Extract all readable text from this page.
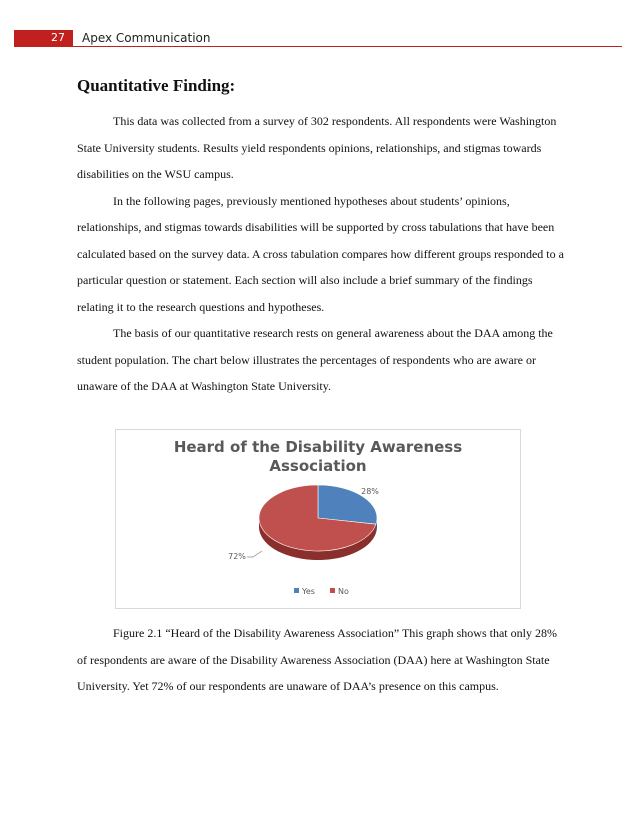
27	Apex Communication
Quantitative Finding:

This data was collected from a survey of 302 respondents. All respondents were Washington State University students. Results yield respondents opinions, relationships, and stigmas towards disabilities on the WSU campus.

In the following pages, previously mentioned hypotheses about students’ opinions, relationships, and stigmas towards disabilities will be supported by cross tabulations that have been calculated based on the survey data. A cross tabulation compares how different groups responded to a particular question or statement. Each section will also include a brief summary of the findings relating it to the research questions and hypotheses.

The basis of our quantitative research rests on general awareness about the DAA among the student population. The chart below illustrates the percentages of respondents who are aware or unaware of the DAA at Washington State University.

Heard of the Disability Awareness
Association
28%
72%
Yes	No

Figure 2.1 “Heard of the Disability Awareness Association” This graph shows that only 28% of respondents are aware of the Disability Awareness Association (DAA) here at Washington State University. Yet 72% of our respondents are unaware of DAA’s presence on this campus.
